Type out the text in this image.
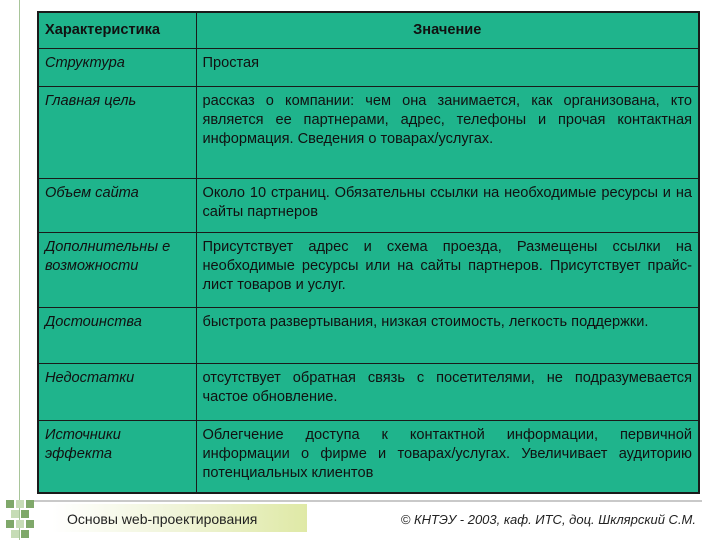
Характеристика	Значение
Структура	Простая
Главная цель	рассказ о компании: чем она занимается, как организована, кто является ее партнерами, адрес, телефоны и прочая контактная информация. Сведения о товарах/услугах.
Объем сайта	Около 10 страниц. Обязательны ссылки на необходимые ресурсы и на сайты партнеров
Дополнительны е возможности	Присутствует адрес и схема проезда, Размещены ссылки на необходимые ресурсы или на сайты партнеров. Присутствует прайс-лист товаров и услуг.
Достоинства	быстрота развертывания, низкая стоимость, легкость поддержки.
Недостатки	отсутствует обратная связь с посетителями, не подразумевается частое обновление.
Источники эффекта	Облегчение доступа к контактной информации, первичной информации о фирме и товарах/услугах. Увеличивает аудиторию потенциальных клиентов
Основы web-проектирования	© КНТЭУ - 2003, каф. ИТС, доц. Шклярский С.М.
